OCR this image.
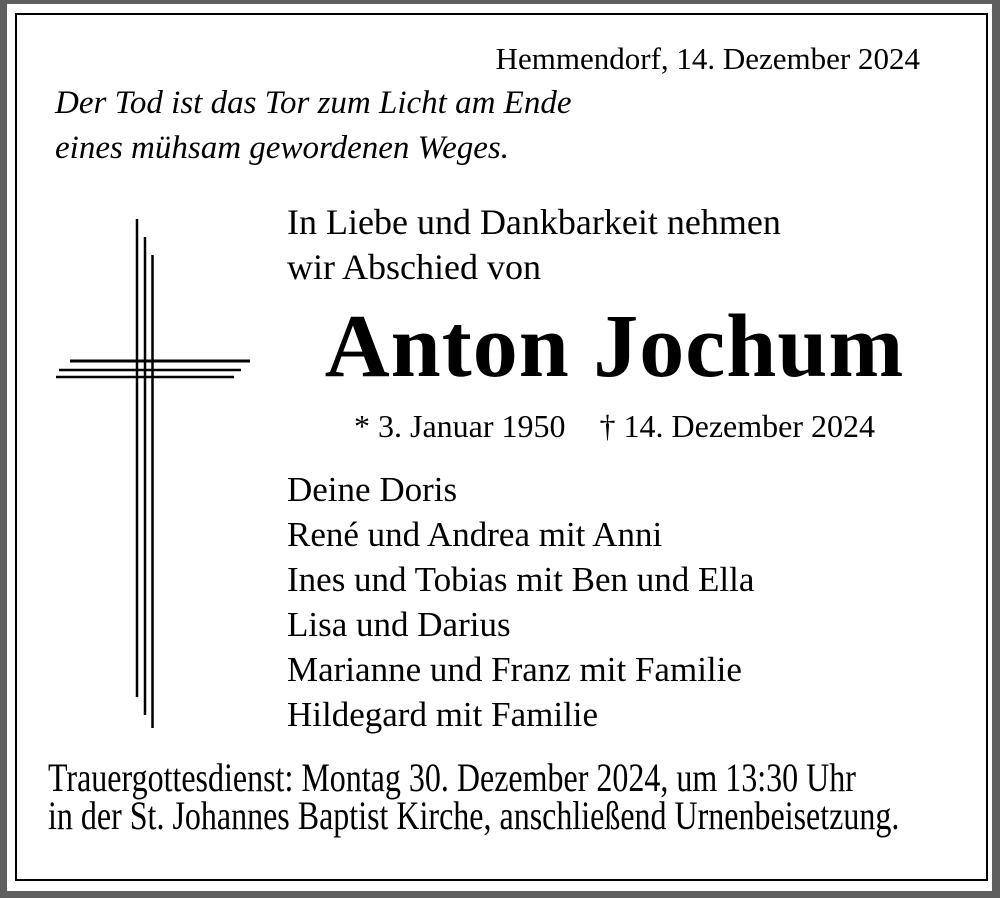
Hemmendorf, 14. Dezember 2024
Der Tod ist das Tor zum Licht am Ende
eines mühsam gewordenen Weges.
In Liebe und Dankbarkeit nehmen
wir Abschied von
Anton Jochum
* 3. Januar 1950 † 14. Dezember 2024
Deine Doris
René und Andrea mit Anni
Ines und Tobias mit Ben und Ella
Lisa und Darius
Marianne und Franz mit Familie
Hildegard mit Familie
Trauergottesdienst: Montag 30. Dezember 2024, um 13:30 Uhr
in der St. Johannes Baptist Kirche, anschließend Urnenbeisetzung.
